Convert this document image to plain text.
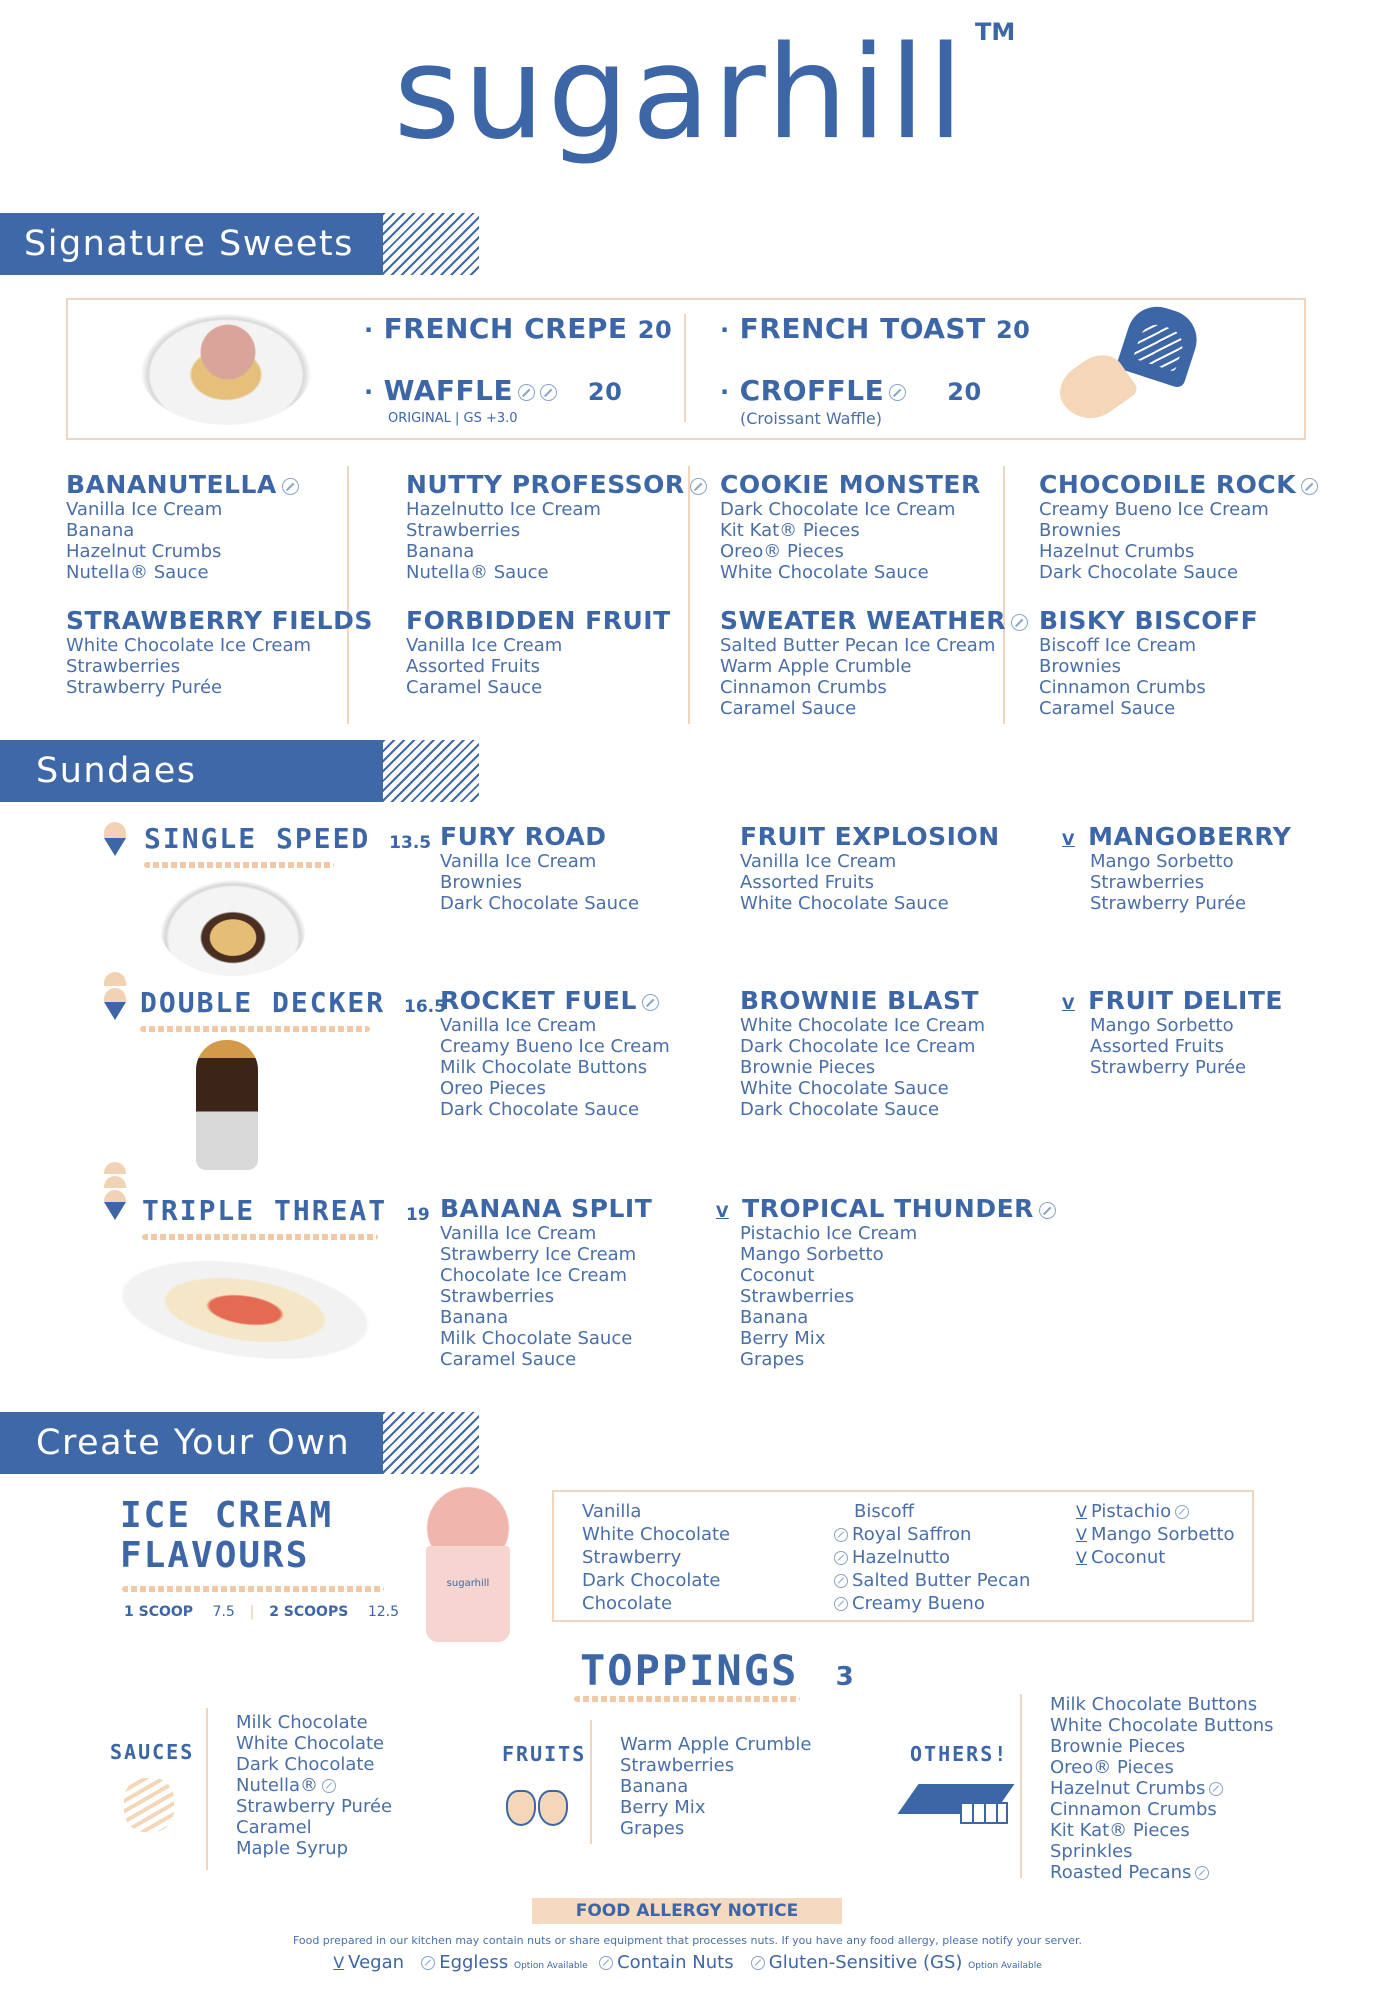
sugarhill TM
Signature Sweets
· FRENCH CREPE 20
· WAFFLE	20
ORIGINAL | GS +3.0
· FRENCH TOAST 20
· CROFFLE	20
(Croissant Waffle)
BANANUTELLA
Vanilla Ice Cream
Banana
Hazelnut Crumbs
Nutella® Sauce
NUTTY PROFESSOR
Hazelnutto Ice Cream
Strawberries
Banana
Nutella® Sauce
COOKIE MONSTER
Dark Chocolate Ice Cream
Kit Kat® Pieces
Oreo® Pieces
White Chocolate Sauce
CHOCODILE ROCK
Creamy Bueno Ice Cream
Brownies
Hazelnut Crumbs
Dark Chocolate Sauce
STRAWBERRY FIELDS
White Chocolate Ice Cream
Strawberries
Strawberry Purée
FORBIDDEN FRUIT
Vanilla Ice Cream
Assorted Fruits
Caramel Sauce
SWEATER WEATHER
Salted Butter Pecan Ice Cream
Warm Apple Crumble
Cinnamon Crumbs
Caramel Sauce
BISKY BISCOFF
Biscoff Ice Cream
Brownies
Cinnamon Crumbs
Caramel Sauce
Sundaes
SINGLE SPEED 13.5
DOUBLE DECKER 16.5
TRIPLE THREAT 19
FURY ROAD
Vanilla Ice Cream
Brownies
Dark Chocolate Sauce
FRUIT EXPLOSION
Vanilla Ice Cream
Assorted Fruits
White Chocolate Sauce
V MANGOBERRY
Mango Sorbetto
Strawberries
Strawberry Purée
ROCKET FUEL
Vanilla Ice Cream
Creamy Bueno Ice Cream
Milk Chocolate Buttons
Oreo Pieces
Dark Chocolate Sauce
BROWNIE BLAST
White Chocolate Ice Cream
Dark Chocolate Ice Cream
Brownie Pieces
White Chocolate Sauce
Dark Chocolate Sauce
V FRUIT DELITE
Mango Sorbetto
Assorted Fruits
Strawberry Purée
BANANA SPLIT
Vanilla Ice Cream
Strawberry Ice Cream
Chocolate Ice Cream
Strawberries
Banana
Milk Chocolate Sauce
Caramel Sauce
V TROPICAL THUNDER
Pistachio Ice Cream
Mango Sorbetto
Coconut
Strawberries
Banana
Berry Mix
Grapes
Create Your Own
ICE CREAM
FLAVOURS
1 SCOOP 7.5 | 2 SCOOPS 12.5
sugarhill
Vanilla
White Chocolate
Strawberry
Dark Chocolate
Chocolate
Biscoff
Royal Saffron
Hazelnutto
Salted Butter Pecan
Creamy Bueno
V Pistachio
V Mango Sorbetto
V Coconut
TOPPINGS 3
SAUCES
Milk Chocolate
White Chocolate
Dark Chocolate
Nutella®
Strawberry Purée
Caramel
Maple Syrup
FRUITS Warm Apple Crumble
Strawberries
Banana
Berry Mix
Grapes
OTHERS!
Milk Chocolate Buttons
White Chocolate Buttons
Brownie Pieces
Oreo® Pieces
Hazelnut Crumbs
Cinnamon Crumbs
Kit Kat® Pieces
Sprinkles
Roasted Pecans
FOOD ALLERGY NOTICE
Food prepared in our kitchen may contain nuts or share equipment that processes nuts. If you have any food allergy, please notify your server.
V Vegan Eggless Option Available Contain Nuts Gluten-Sensitive (GS) Option Available
